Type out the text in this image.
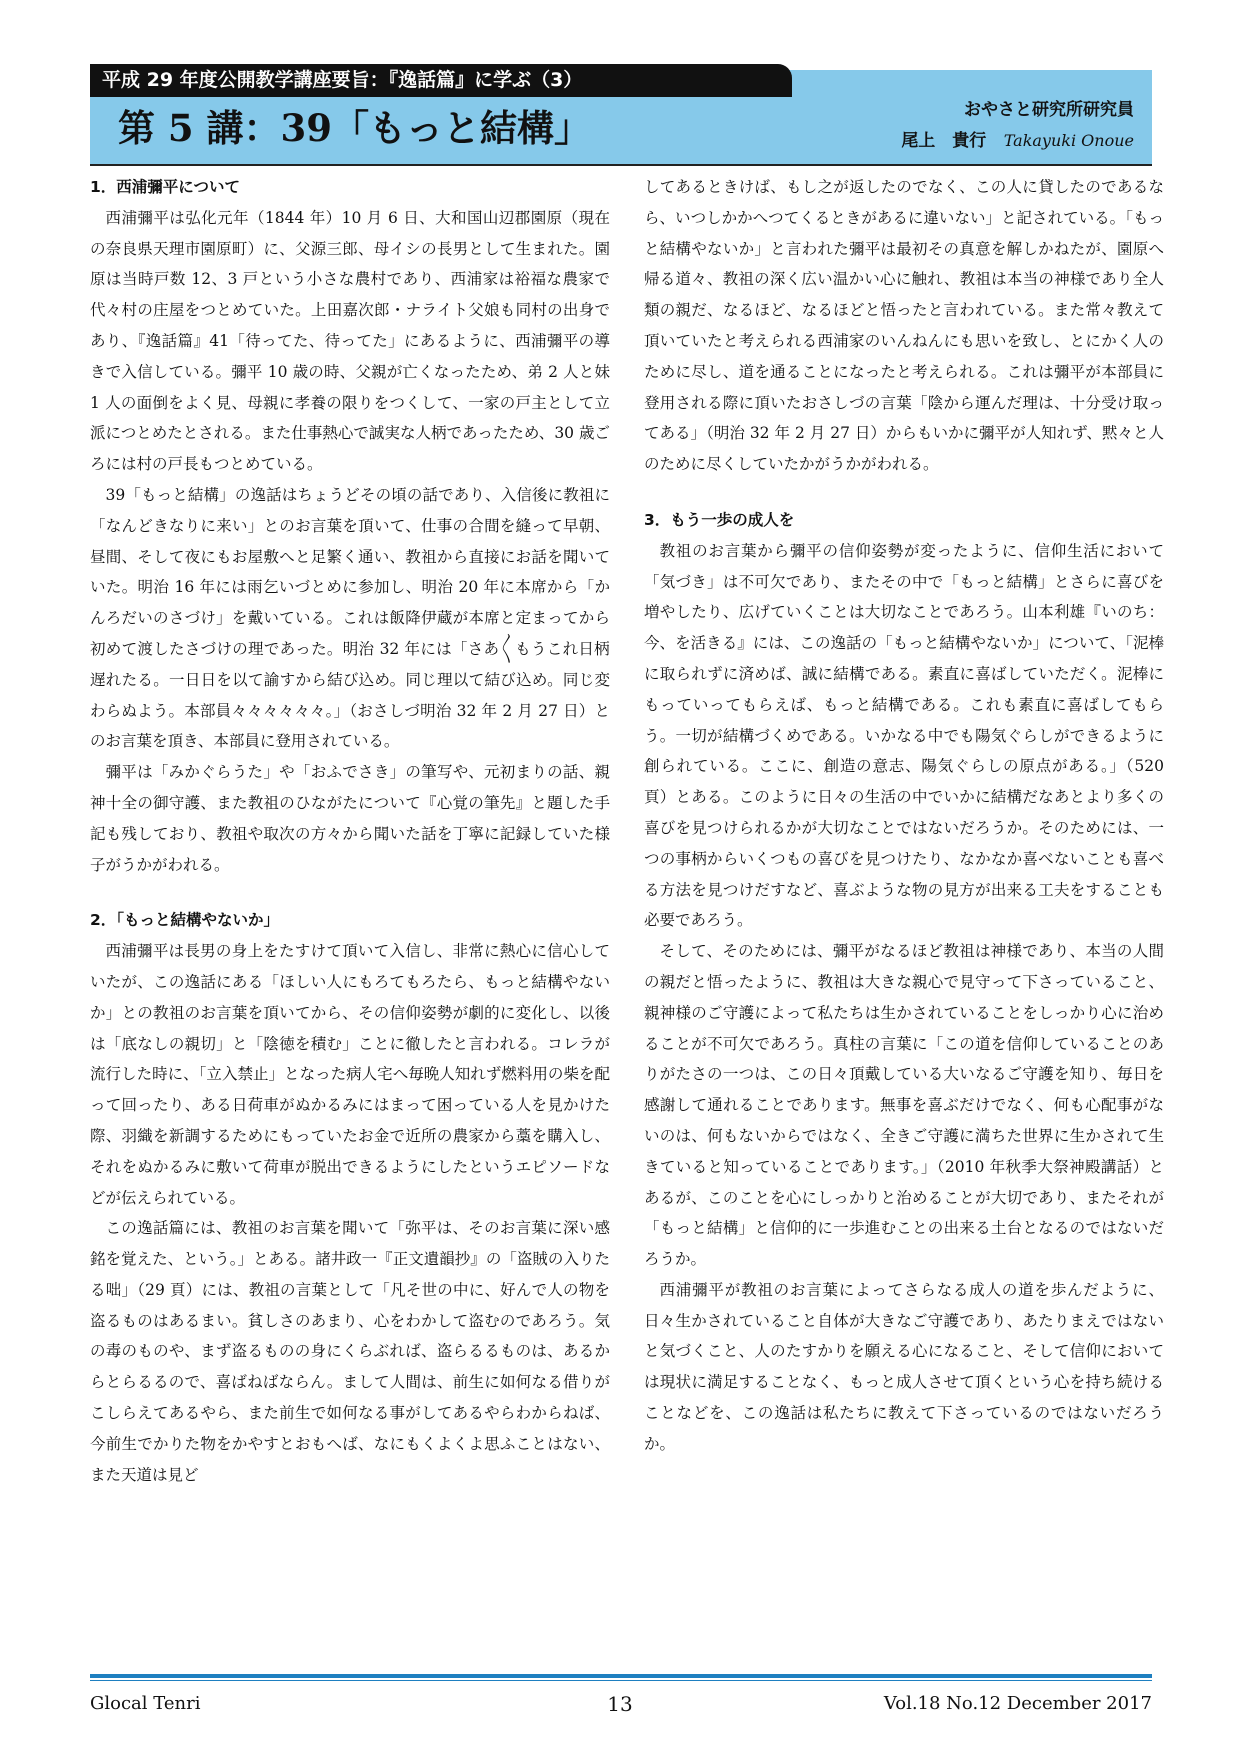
第 5 講：39「もっと結構」	おやさと研究所研究員
尾上　貴行 Takayuki Onoue
平成 29 年度公開教学講座要旨：『逸話篇』に学ぶ（3）
1．西浦彌平について

西浦彌平は弘化元年（1844 年）10 月 6 日、大和国山辺郡園原（現在の奈良県天理市園原町）に、父源三郎、母イシの長男として生まれた。園原は当時戸数 12、3 戸という小さな農村であり、西浦家は裕福な農家で代々村の庄屋をつとめていた。上田嘉次郎・ナライト父娘も同村の出身であり、『逸話篇』41「待ってた、待ってた」にあるように、西浦彌平の導きで入信している。彌平 10 歳の時、父親が亡くなったため、弟 2 人と妹 1 人の面倒をよく見、母親に孝養の限りをつくして、一家の戸主として立派につとめたとされる。また仕事熱心で誠実な人柄であったため、30 歳ごろには村の戸長もつとめている。

39「もっと結構」の逸話はちょうどその頃の話であり、入信後に教祖に「なんどきなりに来い」とのお言葉を頂いて、仕事の合間を縫って早朝、昼間、そして夜にもお屋敷へと足繁く通い、教祖から直接にお話を聞いていた。明治 16 年には雨乞いづとめに参加し、明治 20 年に本席から「かんろだいのさづけ」を戴いている。これは飯降伊蔵が本席と定まってから初めて渡したさづけの理であった。明治 32 年には「さあ〳〵もうこれ日柄遅れたる。一日日を以て諭すから結び込め。同じ理以て結び込め。同じ変わらぬよう。本部員々々々々々々。」（おさしづ明治 32 年 2 月 27 日）とのお言葉を頂き、本部員に登用されている。

彌平は「みかぐらうた」や「おふでさき」の筆写や、元初まりの話、親神十全の御守護、また教祖のひながたについて『心覚の筆先』と題した手記も残しており、教祖や取次の方々から聞いた話を丁寧に記録していた様子がうかがわれる。

2．「もっと結構やないか」

西浦彌平は長男の身上をたすけて頂いて入信し、非常に熱心に信心していたが、この逸話にある「ほしい人にもろてもろたら、もっと結構やないか」との教祖のお言葉を頂いてから、その信仰姿勢が劇的に変化し、以後は「底なしの親切」と「陰徳を積む」ことに徹したと言われる。コレラが流行した時に、「立入禁止」となった病人宅へ毎晩人知れず燃料用の柴を配って回ったり、ある日荷車がぬかるみにはまって困っている人を見かけた際、羽織を新調するためにもっていたお金で近所の農家から藁を購入し、それをぬかるみに敷いて荷車が脱出できるようにしたというエピソードなどが伝えられている。

この逸話篇には、教祖のお言葉を聞いて「弥平は、そのお言葉に深い感銘を覚えた、という。」とある。諸井政一『正文遺韻抄』の「盗賊の入りたる咄」（29 頁）には、教祖の言葉として「凡そ世の中に、好んで人の物を盗るものはあるまい。貧しさのあまり、心をわかして盗むのであろう。気の毒のものや、まず盗るものの身にくらぶれば、盗らるるものは、あるからとらるるので、喜ばねばならん。まして人間は、前生に如何なる借りがこしらえてあるやら、また前生で如何なる事がしてあるやらわからねば、今前生でかりた物をかやすとおもへば、なにもくよくよ思ふことはない、また天道は見ど

してあるときけば、もし之が返したのでなく、この人に貸したのであるなら、いつしかかへつてくるときがあるに違いない」と記されている。「もっと結構やないか」と言われた彌平は最初その真意を解しかねたが、園原へ帰る道々、教祖の深く広い温かい心に触れ、教祖は本当の神様であり全人類の親だ、なるほど、なるほどと悟ったと言われている。また常々教えて頂いていたと考えられる西浦家のいんねんにも思いを致し、とにかく人のために尽し、道を通ることになったと考えられる。これは彌平が本部員に登用される際に頂いたおさしづの言葉「陰から運んだ理は、十分受け取ってある」（明治 32 年 2 月 27 日）からもいかに彌平が人知れず、黙々と人のために尽くしていたかがうかがわれる。

3．もう一歩の成人を

教祖のお言葉から彌平の信仰姿勢が変ったように、信仰生活において「気づき」は不可欠であり、またその中で「もっと結構」とさらに喜びを増やしたり、広げていくことは大切なことであろう。山本利雄『いのち：今、を活きる』には、この逸話の「もっと結構やないか」について、「泥棒に取られずに済めば、誠に結構である。素直に喜ばしていただく。泥棒にもっていってもらえば、もっと結構である。これも素直に喜ばしてもらう。一切が結構づくめである。いかなる中でも陽気ぐらしができるように創られている。ここに、創造の意志、陽気ぐらしの原点がある。」（520 頁）とある。このように日々の生活の中でいかに結構だなあとより多くの喜びを見つけられるかが大切なことではないだろうか。そのためには、一つの事柄からいくつもの喜びを見つけたり、なかなか喜べないことも喜べる方法を見つけだすなど、喜ぶような物の見方が出来る工夫をすることも必要であろう。

そして、そのためには、彌平がなるほど教祖は神様であり、本当の人間の親だと悟ったように、教祖は大きな親心で見守って下さっていること、親神様のご守護によって私たちは生かされていることをしっかり心に治めることが不可欠であろう。真柱の言葉に「この道を信仰していることのありがたさの一つは、この日々頂戴している大いなるご守護を知り、毎日を感謝して通れることであります。無事を喜ぶだけでなく、何も心配事がないのは、何もないからではなく、全きご守護に満ちた世界に生かされて生きていると知っていることであります。」（2010 年秋季大祭神殿講話）とあるが、このことを心にしっかりと治めることが大切であり、またそれが「もっと結構」と信仰的に一歩進むことの出来る土台となるのではないだろうか。

西浦彌平が教祖のお言葉によってさらなる成人の道を歩んだように、日々生かされていること自体が大きなご守護であり、あたりまえではないと気づくこと、人のたすかりを願える心になること、そして信仰においては現状に満足することなく、もっと成人させて頂くという心を持ち続けることなどを、この逸話は私たちに教えて下さっているのではないだろうか。

Glocal Tenri	13	Vol.18 No.12 December 2017
